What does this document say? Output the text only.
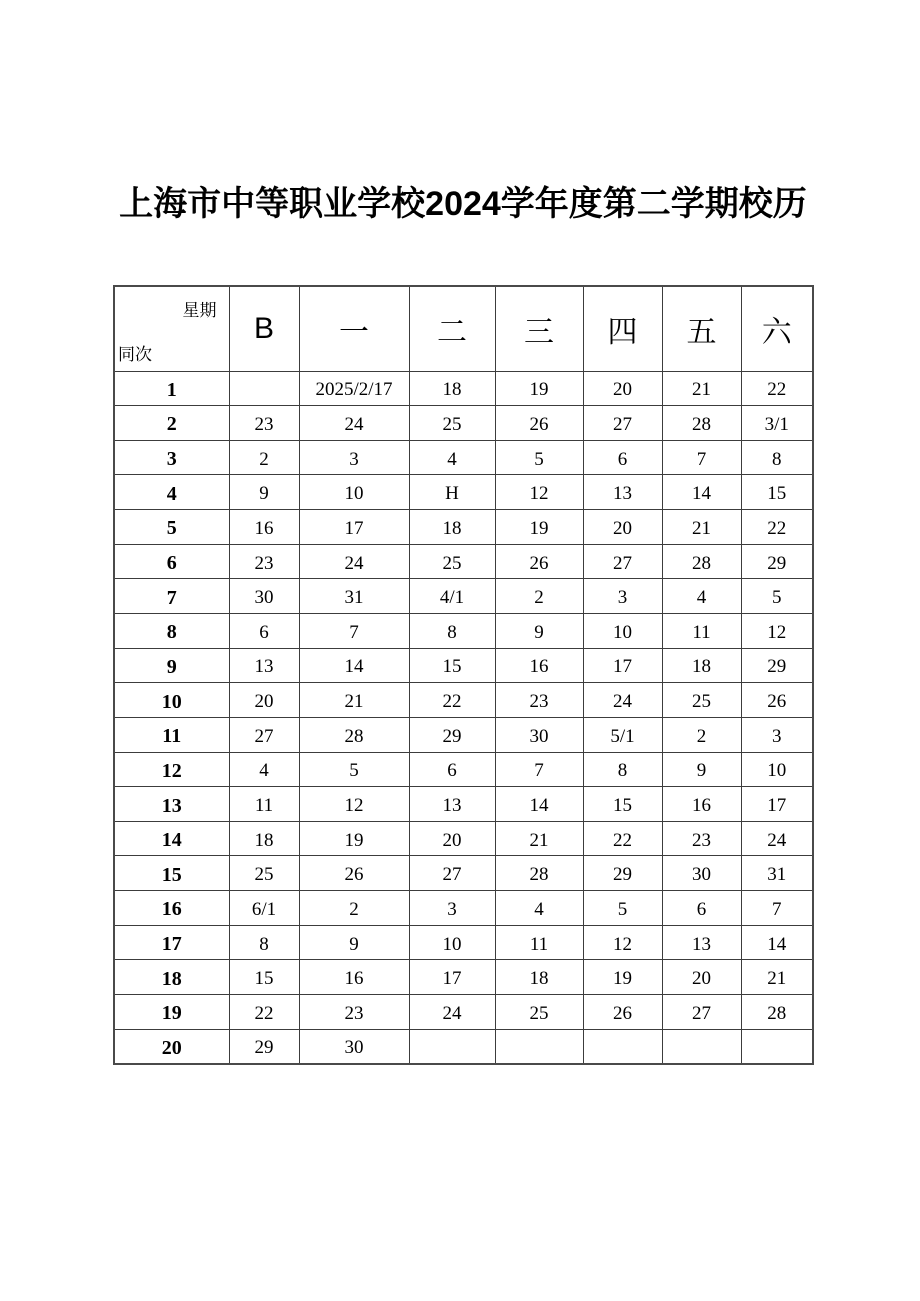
上海市中等职业学校2024学年度第二学期校历
星期
同次	B	一	二	三	四	五	六
1		2025/2/17	18	19	20	21	22
2	23	24	25	26	27	28	3/1
3	2	3	4	5	6	7	8
4	9	10	H	12	13	14	15
5	16	17	18	19	20	21	22
6	23	24	25	26	27	28	29
7	30	31	4/1	2	3	4	5
8	6	7	8	9	10	11	12
9	13	14	15	16	17	18	29
10	20	21	22	23	24	25	26
11	27	28	29	30	5/1	2	3
12	4	5	6	7	8	9	10
13	11	12	13	14	15	16	17
14	18	19	20	21	22	23	24
15	25	26	27	28	29	30	31
16	6/1	2	3	4	5	6	7
17	8	9	10	11	12	13	14
18	15	16	17	18	19	20	21
19	22	23	24	25	26	27	28
20	29	30					
